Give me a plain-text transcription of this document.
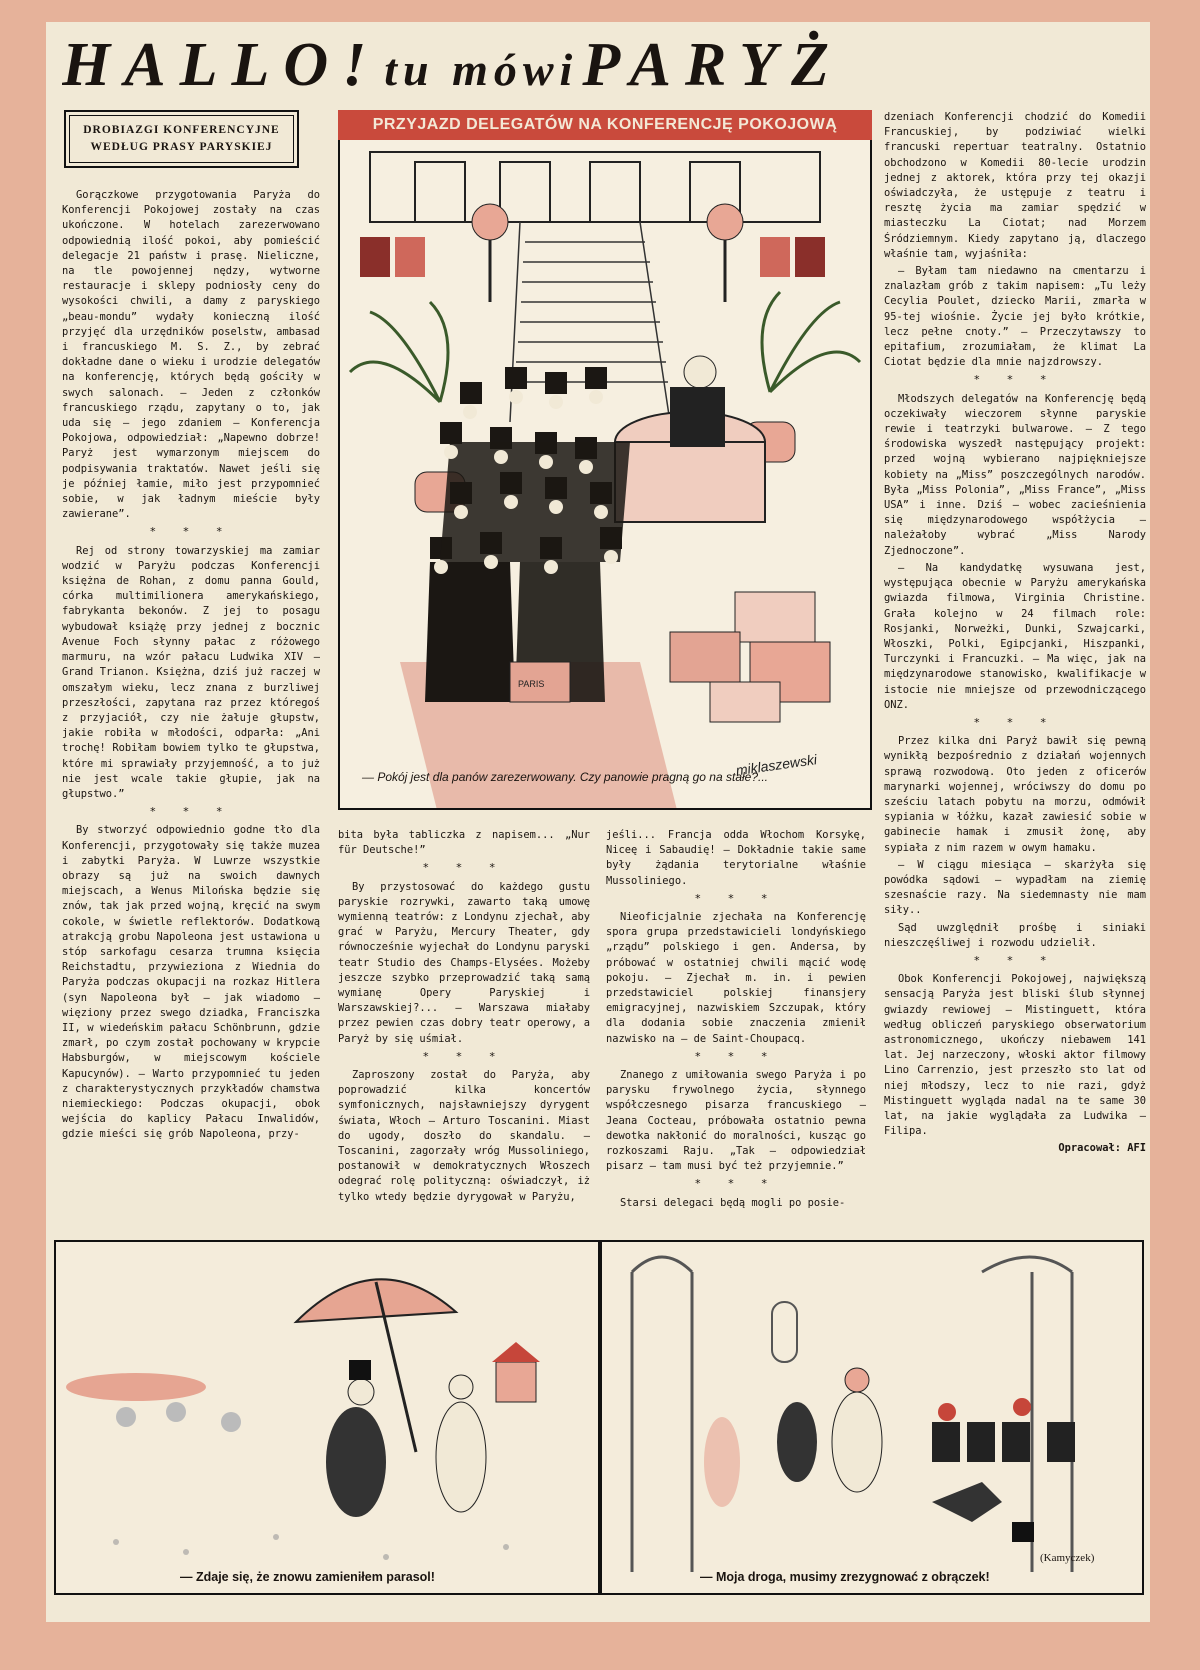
HALLO! tu mówi PARYŻ
DROBIAZGI KONFERENCYJNE
WEDŁUG PRASY PARYSKIEJ

Gorączkowe przygotowania Paryża do Konferencji Pokojowej zostały na czas ukończone. W hotelach zarezerwowano odpowiednią ilość pokoi, aby pomieścić delegacje 21 państw i prasę. Nieliczne, na tle powojennej nędzy, wytworne restauracje i sklepy podniosły ceny do wysokości chwili, a damy z paryskiego „beau-mondu” wydały konieczną ilość przyjęć dla urzędników poselstw, ambasad i francuskiego M. S. Z., by zebrać dokładne dane o wieku i urodzie delegatów na konferencję, których będą gościły w swych salonach. — Jeden z członków francuskiego rządu, zapytany o to, jak uda się — jego zdaniem — Konferencja Pokojowa, odpowiedział: „Napewno dobrze! Paryż jest wymarzonym miejscem do podpisywania traktatów. Nawet jeśli się je później łamie, miło jest przypomnieć sobie, w jak ładnym mieście były zawierane”.

* * *

Rej od strony towarzyskiej ma zamiar wodzić w Paryżu podczas Konferencji księżna de Rohan, z domu panna Gould, córka multimilionera amerykańskiego, fabrykanta bekonów. Z jej to posagu wybudował książę przy jednej z bocznic Avenue Foch słynny pałac z różowego marmuru, na wzór pałacu Ludwika XIV — Grand Trianon. Księżna, dziś już raczej w omszałym wieku, lecz znana z burzliwej przeszłości, zapytana raz przez któregoś z przyjaciół, czy nie żałuje głupstw, jakie robiła w młodości, odparła: „Ani trochę! Robiłam bowiem tylko te głupstwa, które mi sprawiały przyjemność, a to już nie jest wcale takie głupie, jak na głupstwo.”

* * *

By stworzyć odpowiednio godne tło dla Konferencji, przygotowały się także muzea i zabytki Paryża. W Luwrze wszystkie obrazy są już na swoich dawnych miejscach, a Wenus Milońska będzie się znów, tak jak przed wojną, kręcić na swym cokole, w świetle reflektorów. Dodatkową atrakcją grobu Napoleona jest ustawiona u stóp sarkofagu cesarza trumna księcia Reichstadtu, przywieziona z Wiednia do Paryża podczas okupacji na rozkaz Hitlera (syn Napoleona był — jak wiadomo — więziony przez swego dziadka, Franciszka II, w wiedeńskim pałacu Schönbrunn, gdzie zmarł, po czym został pochowany w krypcie Habsburgów, w miejscowym kościele Kapucynów). — Warto przypomnieć tu jeden z charakterystycznych przykładów chamstwa niemieckiego: Podczas okupacji, obok wejścia do kaplicy Pałacu Inwalidów, gdzie mieści się grób Napoleona, przy-

PARIS
miklaszewski
PRZYJAZD DELEGATÓW NA KONFERENCJĘ POKOJOWĄ
— Pokój jest dla panów zarezerwowany. Czy panowie pragną go na stałe?...

bita była tabliczka z napisem... „Nur für Deutsche!”

* * *

By przystosować do każdego gustu paryskie rozrywki, zawarto taką umowę wymienną teatrów: z Londynu zjechał, aby grać w Paryżu, Mercury Theater, gdy równocześnie wyjechał do Londynu paryski teatr Studio des Champs-Elysées. Możeby jeszcze szybko przeprowadzić taką samą wymianę Opery Paryskiej i Warszawskiej?... — Warszawa miałaby przez pewien czas dobry teatr operowy, a Paryż by się uśmiał.

* * *

Zaproszony został do Paryża, aby poprowadzić kilka koncertów symfonicznych, najsławniejszy dyrygent świata, Włoch — Arturo Toscanini. Miast do ugody, doszło do skandalu. — Toscanini, zagorzały wróg Mussoliniego, postanowił w demokratycznych Włoszech odegrać rolę polityczną: oświadczył, iż tylko wtedy będzie dyrygował w Paryżu,

jeśli... Francja odda Włochom Korsykę, Niceę i Sabaudię! — Dokładnie takie same były żądania terytorialne właśnie Mussoliniego.

* * *

Nieoficjalnie zjechała na Konferencję spora grupa przedstawicieli londyńskiego „rządu” polskiego i gen. Andersa, by próbować w ostatniej chwili mącić wodę pokoju. — Zjechał m. in. i pewien przedstawiciel polskiej finansjery emigracyjnej, nazwiskiem Szczupak, który dla dodania sobie znaczenia zmienił nazwisko na — de Saint-Choupacq.

* * *

Znanego z umiłowania swego Paryża i po parysku frywolnego życia, słynnego współczesnego pisarza francuskiego — Jeana Cocteau, próbowała ostatnio pewna dewotka nakłonić do moralności, kusząc go rozkoszami Raju. „Tak — odpowiedział pisarz — tam musi być też przyjemnie.”

* * *

Starsi delegaci będą mogli po posie-

dzeniach Konferencji chodzić do Komedii Francuskiej, by podziwiać wielki francuski repertuar teatralny. Ostatnio obchodzono w Komedii 80-lecie urodzin jednej z aktorek, która przy tej okazji oświadczyła, że ustępuje z teatru i resztę życia ma zamiar spędzić w miasteczku La Ciotat; nad Morzem Śródziemnym. Kiedy zapytano ją, dlaczego właśnie tam, wyjaśniła:

— Byłam tam niedawno na cmentarzu i znalazłam grób z takim napisem: „Tu leży Cecylia Poulet, dziecko Marii, zmarła w 95-tej wiośnie. Życie jej było krótkie, lecz pełne cnoty.” — Przeczytawszy to epitafium, zrozumiałam, że klimat La Ciotat będzie dla mnie najzdrowszy.

* * *

Młodszych delegatów na Konferencję będą oczekiwały wieczorem słynne paryskie rewie i teatrzyki bulwarowe. — Z tego środowiska wyszedł następujący projekt: przed wojną wybierano najpiękniejsze kobiety na „Miss” poszczególnych narodów. Była „Miss Polonia”, „Miss France”, „Miss USA” i inne. Dziś — wobec zacieśnienia się międzynarodowego współżycia — należałoby wybrać „Miss Narody Zjednoczone”.

— Na kandydatkę wysuwana jest, występująca obecnie w Paryżu amerykańska gwiazda filmowa, Virginia Christine. Grała kolejno w 24 filmach role: Rosjanki, Norweżki, Dunki, Szwajcarki, Włoszki, Polki, Egipcjanki, Hiszpanki, Turczynki i Francuzki. — Ma więc, jak na międzynarodowe stanowisko, kwalifikacje w istocie nie mniejsze od przewodniczącego ONZ.

* * *

Przez kilka dni Paryż bawił się pewną wynikłą bezpośrednio z działań wojennych sprawą rozwodową. Oto jeden z oficerów marynarki wojennej, wróciwszy do domu po sześciu latach pobytu na morzu, odmówił sypiania w łóżku, kazał zawiesić sobie w gabinecie hamak i zmusił żonę, aby sypiała z nim razem w owym hamaku.

— W ciągu miesiąca — skarżyła się powódka sądowi — wypadłam na ziemię szesnaście razy. Na siedemnasty nie mam siły..

Sąd uwzględnił prośbę i siniaki nieszczęśliwej i rozwodu udzielił.

* * *

Obok Konferencji Pokojowej, największą sensacją Paryża jest bliski ślub słynnej gwiazdy rewiowej — Mistinguett, która według obliczeń paryskiego obserwatorium astronomicznego, ukończy niebawem 141 lat. Jej narzeczony, włoski aktor filmowy Lino Carrenzio, jest przeszło sto lat od niej młodszy, lecz to nie razi, gdyż Mistinguett wygląda nadal na te same 30 lat, na jakie wyglądała za Ludwika — Filipa.

Opracował: AFI
— Zdaje się, że znowu zamieniłem parasol!	— Moja droga, musimy zrezygnować z obrączek!
(Kamyczek)
